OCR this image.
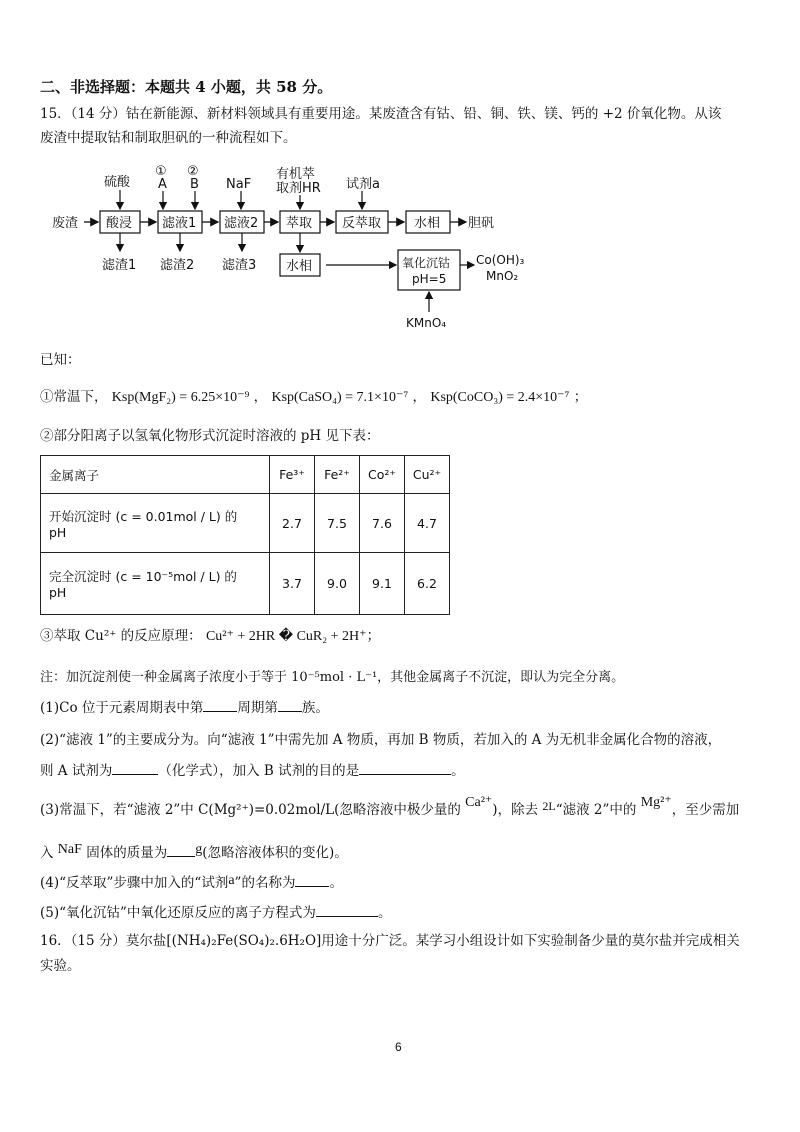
二、非选择题：本题共 4 小题，共 58 分。
15．（14 分）钴在新能源、新材料领域具有重要用途。某废渣含有钴、铅、铜、铁、镁、钙的 +2 价氧化物。从该
废渣中提取钴和制取胆矾的一种流程如下。
废渣 酸浸 滤液1 滤液2 萃取 反萃取	水相 胆矾
硫酸
①
A
②
B NaF
有机萃
取剂HR 试剂a
滤渣1 滤渣2 滤渣3 水相	氧化沉钴
pH=5
Co(OH)₃
MnO₂
KMnO₄
已知：
①常温下， Ksp(MgF₂) = 6.25×10⁻⁹ ， Ksp(CaSO₄) = 7.1×10⁻⁷ ， Ksp(CoCO₃) = 2.4×10⁻⁷ ；
②部分阳离子以氢氧化物形式沉淀时溶液的 pH 见下表：
金属离子	Fe³⁺	Fe²⁺	Co²⁺	Cu²⁺

开始沉淀时 (c = 0.01mol / L) 的
pH	2.7	7.5	7.6	4.7

完全沉淀时 (c = 10⁻⁵mol / L) 的
pH	3.7	9.0	9.1	6.2
③萃取 Cu²⁺ 的反应原理： Cu²⁺ + 2HR � CuR₂ + 2H⁺；
注：加沉淀剂使一种金属离子浓度小于等于 10⁻⁵mol · L⁻¹，其他金属离子不沉淀，即认为完全分离。
(1)Co 位于元素周期表中第	周期第 族。
(2)“滤液 1”的主要成分为。向“滤液 1”中需先加 A 物质，再加 B 物质，若加入的 A 为无机非金属化合物的溶液，
则 A 试剂为	（化学式），加入 B 试剂的目的是	。
(3)常温下，若“滤液 2”中 C(Mg²⁺)=0.02mol/L(忽略溶液中极少量的 Ca²⁺)，除去 2L“滤液 2”中的 Mg²⁺，至少需加
入 NaF 固体的质量为 g(忽略溶液体积的变化)。
(4)“反萃取”步骤中加入的“试剂a”的名称为	。
(5)“氧化沉钴”中氧化还原反应的离子方程式为	。
16．（15 分）莫尔盐[(NH₄)₂Fe(SO₄)₂.6H₂O]用途十分广泛。某学习小组设计如下实验制备少量的莫尔盐并完成相关
实验。
6
